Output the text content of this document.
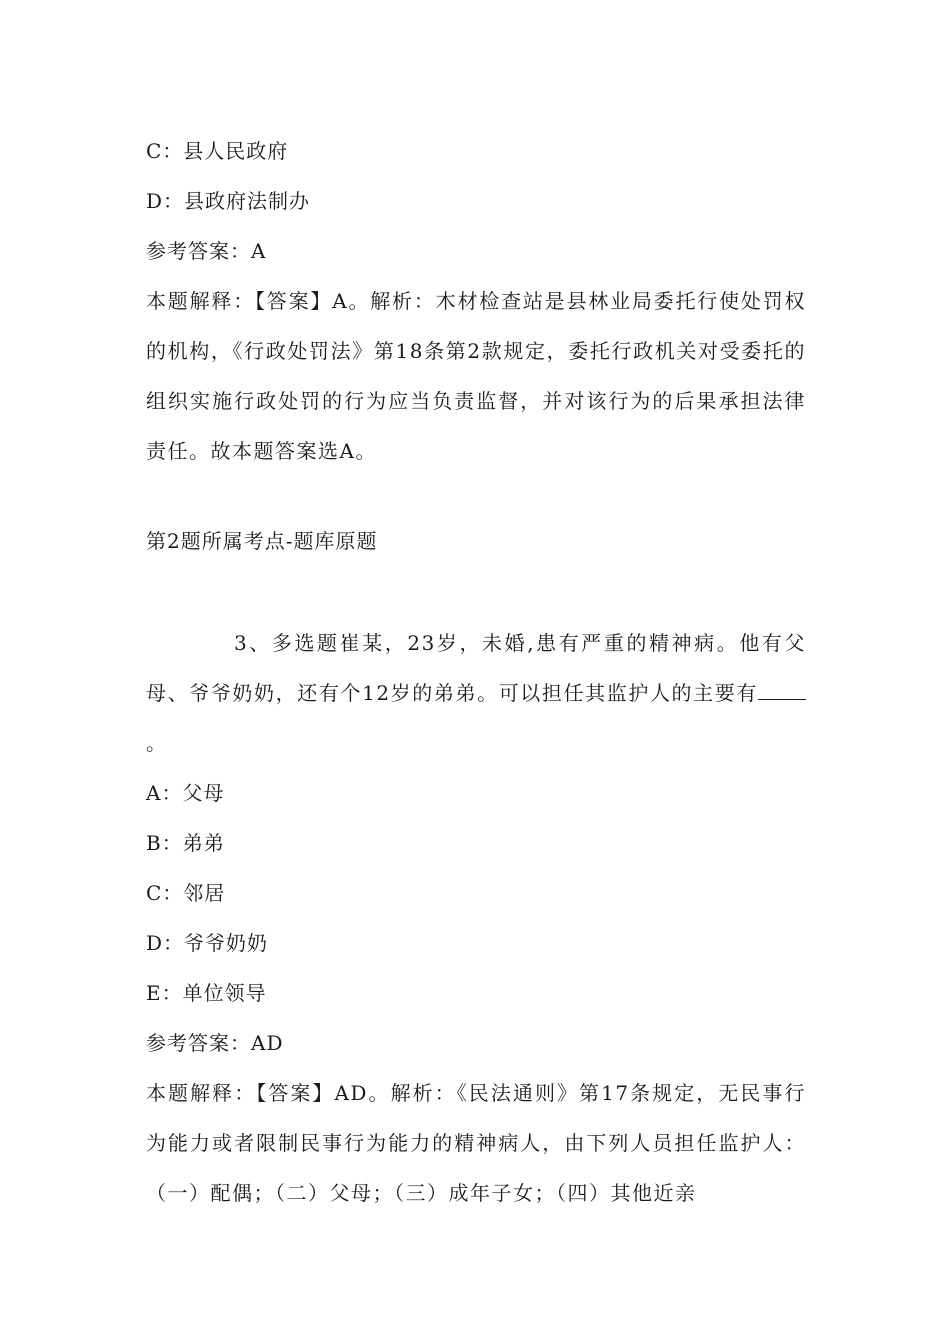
C：县人民政府
D：县政府法制办
参考答案：A
本题解释：【答案】A。解析：木材检查站是县林业局委托行使处罚权的机构，《行政处罚法》第18条第2款规定，委托行政机关对受委托的组织实施行政处罚的行为应当负责监督，并对该行为的后果承担法律责任。故本题答案选A。
第2题所属考点-题库原题
3、多选题崔某，23岁，未婚,患有严重的精神病。他有父母、爷爷奶奶，还有个12岁的弟弟。可以担任其监护人的主要有。
A：父母
B：弟弟
C：邻居
D：爷爷奶奶
E：单位领导
参考答案：AD
本题解释：【答案】AD。解析：《民法通则》第17条规定，无民事行为能力或者限制民事行为能力的精神病人，由下列人员担任监护人：（一）配偶；（二）父母；（三）成年子女；（四）其他近亲
